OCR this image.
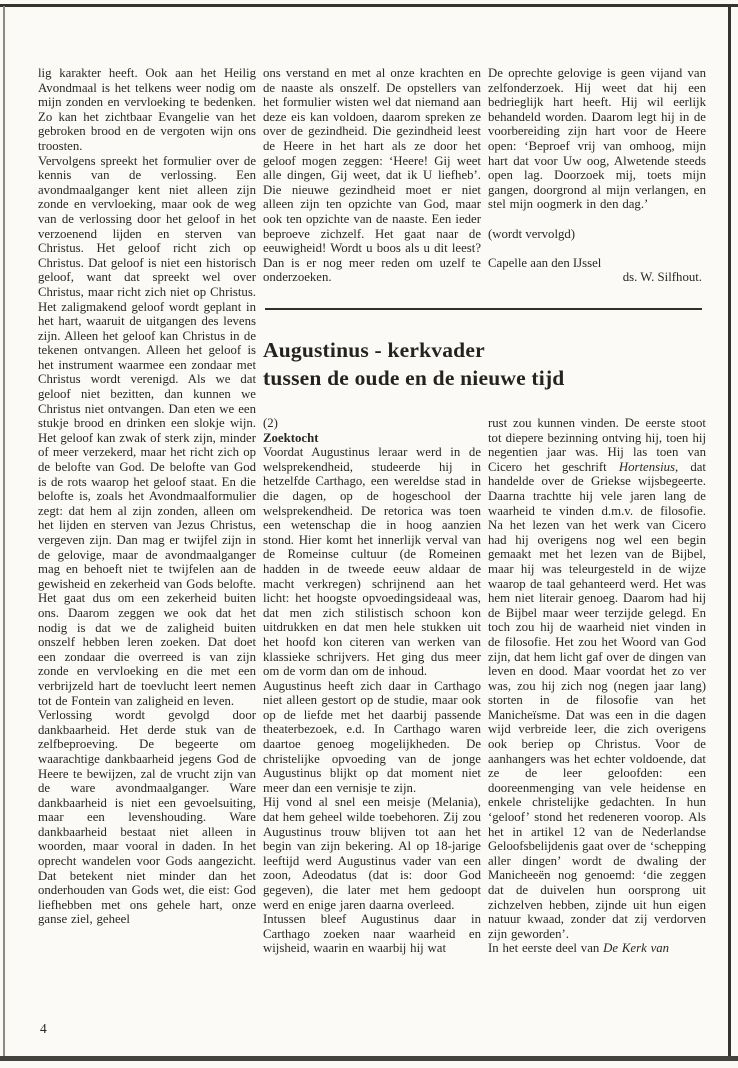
lig karakter heeft. Ook aan het Heilig Avondmaal is het telkens weer nodig om mijn zonden en vervloeking te bedenken. Zo kan het zichtbaar Evangelie van het gebroken brood en de vergoten wijn ons troosten.

Vervolgens spreekt het formulier over de kennis van de verlossing. Een avondmaalganger kent niet alleen zijn zonde en vervloeking, maar ook de weg van de verlossing door het geloof in het verzoenend lijden en sterven van Christus. Het geloof richt zich op Christus. Dat geloof is niet een historisch geloof, want dat spreekt wel over Christus, maar richt zich niet op Christus. Het zaligmakend geloof wordt geplant in het hart, waaruit de uitgangen des levens zijn. Alleen het geloof kan Christus in de tekenen ontvangen. Alleen het geloof is het instrument waarmee een zondaar met Christus wordt verenigd. Als we dat geloof niet bezitten, dan kunnen we Christus niet ontvangen. Dan eten we een stukje brood en drinken een slokje wijn. Het geloof kan zwak of sterk zijn, minder of meer verzekerd, maar het richt zich op de belofte van God. De belofte van God is de rots waarop het geloof staat. En die belofte is, zoals het Avondmaalformulier zegt: dat hem al zijn zonden, alleen om het lijden en sterven van Jezus Christus, vergeven zijn. Dan mag er twijfel zijn in de gelovige, maar de avondmaalganger mag en behoeft niet te twijfelen aan de gewisheid en zekerheid van Gods belofte. Het gaat dus om een zekerheid buiten ons. Daarom zeggen we ook dat het nodig is dat we de zaligheid buiten onszelf hebben leren zoeken. Dat doet een zondaar die overreed is van zijn zonde en vervloeking en die met een verbrijzeld hart de toevlucht leert nemen tot de Fontein van zaligheid en leven.

Verlossing wordt gevolgd door dankbaarheid. Het derde stuk van de zelfbeproeving. De begeerte om waarachtige dankbaarheid jegens God de Heere te bewijzen, zal de vrucht zijn van de ware avondmaalganger. Ware dankbaarheid is niet een gevoelsuiting, maar een levenshouding. Ware dankbaarheid bestaat niet alleen in woorden, maar vooral in daden. In het oprecht wandelen voor Gods aangezicht. Dat betekent niet minder dan het onderhouden van Gods wet, die eist: God liefhebben met ons gehele hart, onze ganse ziel, geheel

ons verstand en met al onze krachten en de naaste als onszelf. De opstellers van het formulier wisten wel dat niemand aan deze eis kan voldoen, daarom spreken ze over de gezindheid. Die gezindheid leest de Heere in het hart als ze door het geloof mogen zeggen: ‘Heere! Gij weet alle dingen, Gij weet, dat ik U liefheb’. Die nieuwe gezindheid moet er niet alleen zijn ten opzichte van God, maar ook ten opzichte van de naaste. Een ieder beproeve zichzelf. Het gaat naar de eeuwigheid! Wordt u boos als u dit leest? Dan is er nog meer reden om uzelf te onderzoeken.

De oprechte gelovige is geen vijand van zelfonderzoek. Hij weet dat hij een bedrieglijk hart heeft. Hij wil eerlijk behandeld worden. Daarom legt hij in de voorbereiding zijn hart voor de Heere open: ‘Beproef vrij van omhoog, mijn hart dat voor Uw oog, Alwetende steeds open lag. Doorzoek mij, toets mijn gangen, doorgrond al mijn verlangen, en stel mijn oogmerk in den dag.’

(wordt vervolgd)

Capelle aan den IJssel

ds. W. Silfhout.

Augustinus - kerkvader
tussen de oude en de nieuwe tijd

(2)

Zoektocht

Voordat Augustinus leraar werd in de welsprekendheid, studeerde hij in hetzelfde Carthago, een wereldse stad in die dagen, op de hogeschool der welsprekendheid. De retorica was toen een wetenschap die in hoog aanzien stond. Hier komt het innerlijk verval van de Romeinse cultuur (de Romeinen hadden in de tweede eeuw aldaar de macht verkregen) schrijnend aan het licht: het hoogste opvoedingsideaal was, dat men zich stilistisch schoon kon uitdrukken en dat men hele stukken uit het hoofd kon citeren van werken van klassieke schrijvers. Het ging dus meer om de vorm dan om de inhoud.

Augustinus heeft zich daar in Carthago niet alleen gestort op de studie, maar ook op de liefde met het daarbij passende theaterbezoek, e.d. In Carthago waren daartoe genoeg mogelijkheden. De christelijke opvoeding van de jonge Augustinus blijkt op dat moment niet meer dan een vernisje te zijn.

Hij vond al snel een meisje (Melania), dat hem geheel wilde toebehoren. Zij zou Augustinus trouw blijven tot aan het begin van zijn bekering. Al op 18-jarige leeftijd werd Augustinus vader van een zoon, Adeodatus (dat is: door God gegeven), die later met hem gedoopt werd en enige jaren daarna overleed.

Intussen bleef Augustinus daar in Carthago zoeken naar waarheid en wijsheid, waarin en waarbij hij wat

rust zou kunnen vinden. De eerste stoot tot diepere bezinning ontving hij, toen hij negentien jaar was. Hij las toen van Cicero het geschrift Hortensius, dat handelde over de Griekse wijsbegeerte. Daarna trachtte hij vele jaren lang de waarheid te vinden d.m.v. de filosofie. Na het lezen van het werk van Cicero had hij overigens nog wel een begin gemaakt met het lezen van de Bijbel, maar hij was teleurgesteld in de wijze waarop de taal gehanteerd werd. Het was hem niet literair genoeg. Daarom had hij de Bijbel maar weer terzijde gelegd. En toch zou hij de waarheid niet vinden in de filosofie. Het zou het Woord van God zijn, dat hem licht gaf over de dingen van leven en dood. Maar voordat het zo ver was, zou hij zich nog (negen jaar lang) storten in de filosofie van het Manicheïsme. Dat was een in die dagen wijd verbreide leer, die zich overigens ook beriep op Christus. Voor de aanhangers was het echter voldoende, dat ze de leer geloofden: een dooreenmenging van vele heidense en enkele christelijke gedachten. In hun ‘geloof’ stond het redeneren voorop. Als het in artikel 12 van de Nederlandse Geloofsbelijdenis gaat over de ‘schepping aller dingen’ wordt de dwaling der Manicheeën nog genoemd: ‘die zeggen dat de duivelen hun oorsprong uit zichzelven hebben, zijnde uit hun eigen natuur kwaad, zonder dat zij verdorven zijn geworden’.

In het eerste deel van De Kerk van

4
